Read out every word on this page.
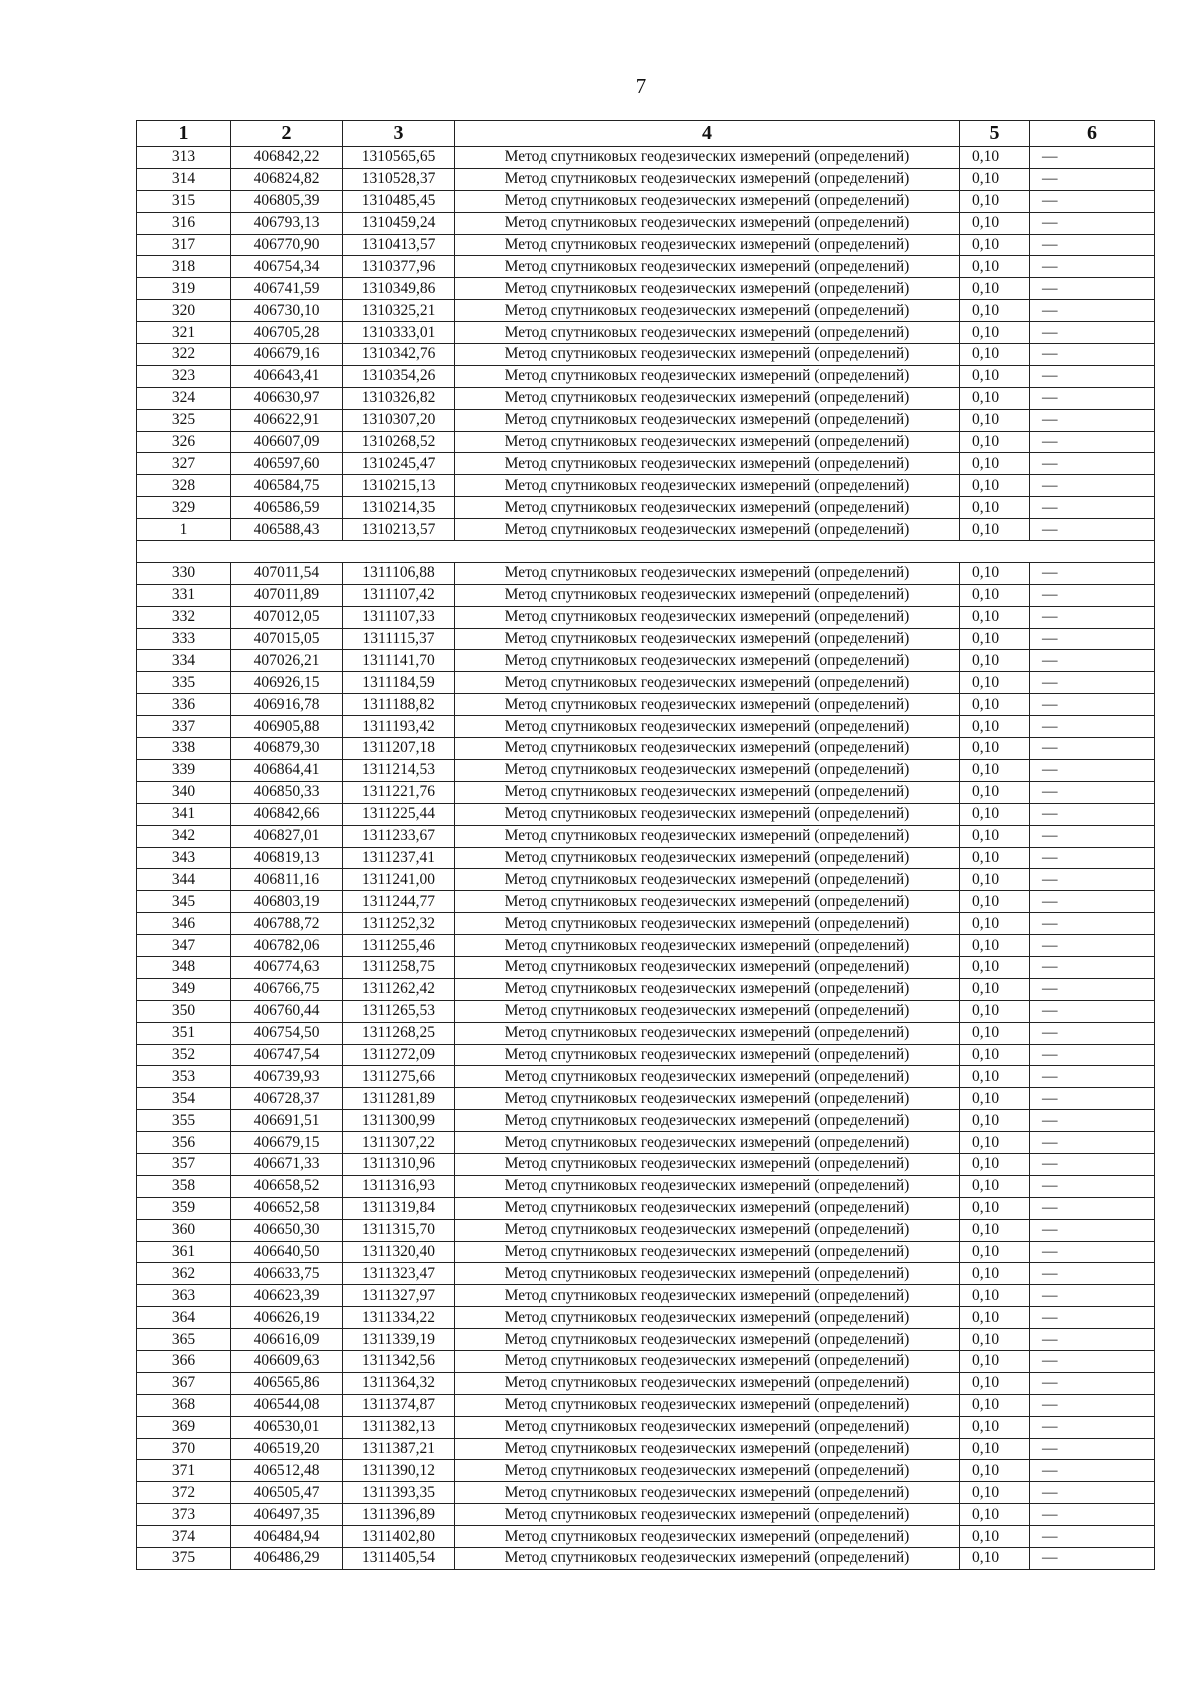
7
1	2	3	4	5	6
313	406842,22	1310565,65	Метод спутниковых геодезических измерений (определений)	0,10	—
314	406824,82	1310528,37	Метод спутниковых геодезических измерений (определений)	0,10	—
315	406805,39	1310485,45	Метод спутниковых геодезических измерений (определений)	0,10	—
316	406793,13	1310459,24	Метод спутниковых геодезических измерений (определений)	0,10	—
317	406770,90	1310413,57	Метод спутниковых геодезических измерений (определений)	0,10	—
318	406754,34	1310377,96	Метод спутниковых геодезических измерений (определений)	0,10	—
319	406741,59	1310349,86	Метод спутниковых геодезических измерений (определений)	0,10	—
320	406730,10	1310325,21	Метод спутниковых геодезических измерений (определений)	0,10	—
321	406705,28	1310333,01	Метод спутниковых геодезических измерений (определений)	0,10	—
322	406679,16	1310342,76	Метод спутниковых геодезических измерений (определений)	0,10	—
323	406643,41	1310354,26	Метод спутниковых геодезических измерений (определений)	0,10	—
324	406630,97	1310326,82	Метод спутниковых геодезических измерений (определений)	0,10	—
325	406622,91	1310307,20	Метод спутниковых геодезических измерений (определений)	0,10	—
326	406607,09	1310268,52	Метод спутниковых геодезических измерений (определений)	0,10	—
327	406597,60	1310245,47	Метод спутниковых геодезических измерений (определений)	0,10	—
328	406584,75	1310215,13	Метод спутниковых геодезических измерений (определений)	0,10	—
329	406586,59	1310214,35	Метод спутниковых геодезических измерений (определений)	0,10	—
1	406588,43	1310213,57	Метод спутниковых геодезических измерений (определений)	0,10	—

330	407011,54	1311106,88	Метод спутниковых геодезических измерений (определений)	0,10	—
331	407011,89	1311107,42	Метод спутниковых геодезических измерений (определений)	0,10	—
332	407012,05	1311107,33	Метод спутниковых геодезических измерений (определений)	0,10	—
333	407015,05	1311115,37	Метод спутниковых геодезических измерений (определений)	0,10	—
334	407026,21	1311141,70	Метод спутниковых геодезических измерений (определений)	0,10	—
335	406926,15	1311184,59	Метод спутниковых геодезических измерений (определений)	0,10	—
336	406916,78	1311188,82	Метод спутниковых геодезических измерений (определений)	0,10	—
337	406905,88	1311193,42	Метод спутниковых геодезических измерений (определений)	0,10	—
338	406879,30	1311207,18	Метод спутниковых геодезических измерений (определений)	0,10	—
339	406864,41	1311214,53	Метод спутниковых геодезических измерений (определений)	0,10	—
340	406850,33	1311221,76	Метод спутниковых геодезических измерений (определений)	0,10	—
341	406842,66	1311225,44	Метод спутниковых геодезических измерений (определений)	0,10	—
342	406827,01	1311233,67	Метод спутниковых геодезических измерений (определений)	0,10	—
343	406819,13	1311237,41	Метод спутниковых геодезических измерений (определений)	0,10	—
344	406811,16	1311241,00	Метод спутниковых геодезических измерений (определений)	0,10	—
345	406803,19	1311244,77	Метод спутниковых геодезических измерений (определений)	0,10	—
346	406788,72	1311252,32	Метод спутниковых геодезических измерений (определений)	0,10	—
347	406782,06	1311255,46	Метод спутниковых геодезических измерений (определений)	0,10	—
348	406774,63	1311258,75	Метод спутниковых геодезических измерений (определений)	0,10	—
349	406766,75	1311262,42	Метод спутниковых геодезических измерений (определений)	0,10	—
350	406760,44	1311265,53	Метод спутниковых геодезических измерений (определений)	0,10	—
351	406754,50	1311268,25	Метод спутниковых геодезических измерений (определений)	0,10	—
352	406747,54	1311272,09	Метод спутниковых геодезических измерений (определений)	0,10	—
353	406739,93	1311275,66	Метод спутниковых геодезических измерений (определений)	0,10	—
354	406728,37	1311281,89	Метод спутниковых геодезических измерений (определений)	0,10	—
355	406691,51	1311300,99	Метод спутниковых геодезических измерений (определений)	0,10	—
356	406679,15	1311307,22	Метод спутниковых геодезических измерений (определений)	0,10	—
357	406671,33	1311310,96	Метод спутниковых геодезических измерений (определений)	0,10	—
358	406658,52	1311316,93	Метод спутниковых геодезических измерений (определений)	0,10	—
359	406652,58	1311319,84	Метод спутниковых геодезических измерений (определений)	0,10	—
360	406650,30	1311315,70	Метод спутниковых геодезических измерений (определений)	0,10	—
361	406640,50	1311320,40	Метод спутниковых геодезических измерений (определений)	0,10	—
362	406633,75	1311323,47	Метод спутниковых геодезических измерений (определений)	0,10	—
363	406623,39	1311327,97	Метод спутниковых геодезических измерений (определений)	0,10	—
364	406626,19	1311334,22	Метод спутниковых геодезических измерений (определений)	0,10	—
365	406616,09	1311339,19	Метод спутниковых геодезических измерений (определений)	0,10	—
366	406609,63	1311342,56	Метод спутниковых геодезических измерений (определений)	0,10	—
367	406565,86	1311364,32	Метод спутниковых геодезических измерений (определений)	0,10	—
368	406544,08	1311374,87	Метод спутниковых геодезических измерений (определений)	0,10	—
369	406530,01	1311382,13	Метод спутниковых геодезических измерений (определений)	0,10	—
370	406519,20	1311387,21	Метод спутниковых геодезических измерений (определений)	0,10	—
371	406512,48	1311390,12	Метод спутниковых геодезических измерений (определений)	0,10	—
372	406505,47	1311393,35	Метод спутниковых геодезических измерений (определений)	0,10	—
373	406497,35	1311396,89	Метод спутниковых геодезических измерений (определений)	0,10	—
374	406484,94	1311402,80	Метод спутниковых геодезических измерений (определений)	0,10	—
375	406486,29	1311405,54	Метод спутниковых геодезических измерений (определений)	0,10	—
